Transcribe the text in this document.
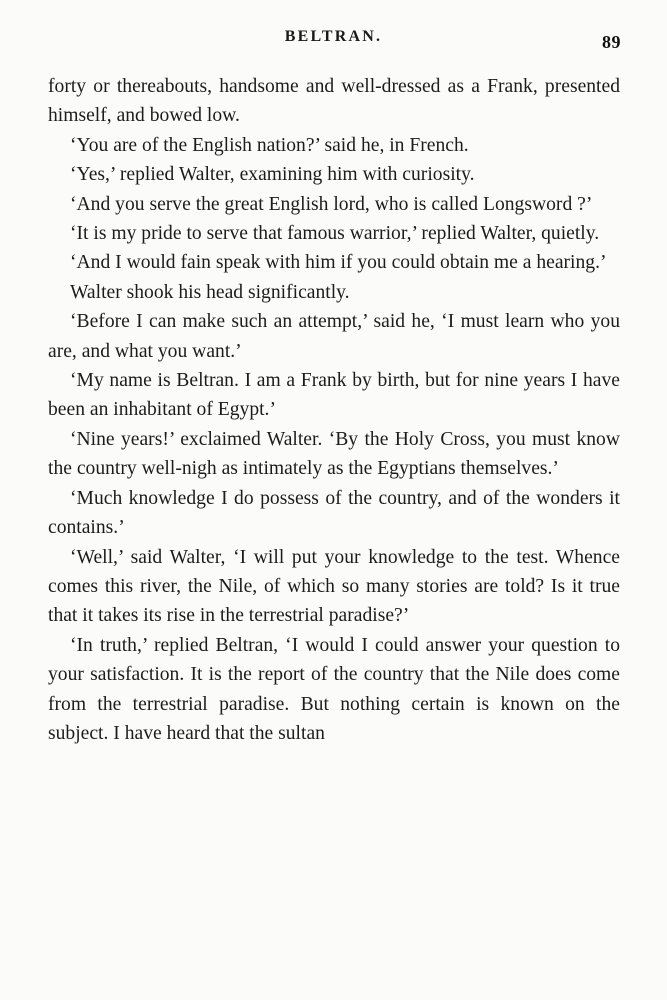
BELTRAN.	89

forty or thereabouts, handsome and well-dressed as a Frank, presented himself, and bowed low.

‘You are of the English nation?’ said he, in French.

‘Yes,’ replied Walter, examining him with curiosity.

‘And you serve the great English lord, who is called Longsword ?’

‘It is my pride to serve that famous warrior,’ replied Walter, quietly.

‘And I would fain speak with him if you could obtain me a hearing.’

Walter shook his head significantly.

‘Before I can make such an attempt,’ said he, ‘I must learn who you are, and what you want.’

‘My name is Beltran. I am a Frank by birth, but for nine years I have been an inhabitant of Egypt.’

‘Nine years!’ exclaimed Walter. ‘By the Holy Cross, you must know the country well-nigh as intimately as the Egyptians themselves.’

‘Much knowledge I do possess of the country, and of the wonders it contains.’

‘Well,’ said Walter, ‘I will put your knowledge to the test. Whence comes this river, the Nile, of which so many stories are told? Is it true that it takes its rise in the terrestrial paradise?’

‘In truth,’ replied Beltran, ‘I would I could answer your question to your satisfaction. It is the report of the country that the Nile does come from the terrestrial paradise. But nothing certain is known on the subject. I have heard that the sultan
